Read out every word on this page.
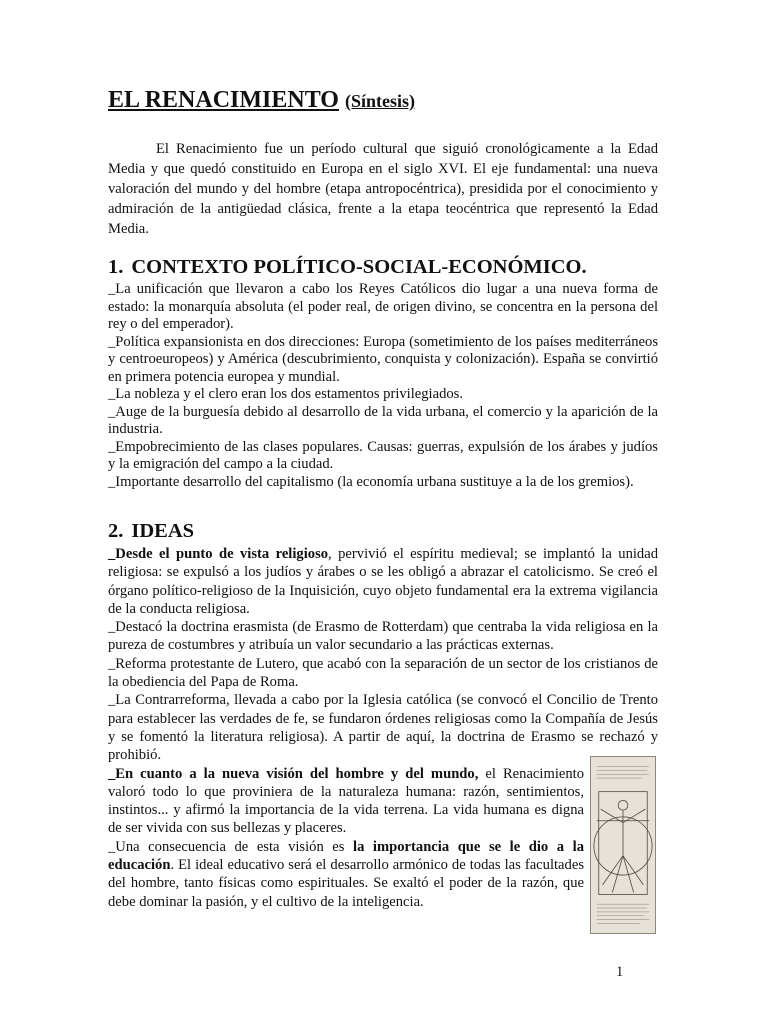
EL RENACIMIENTO (Síntesis)

El Renacimiento fue un período cultural que siguió cronológicamente a la Edad Media y que quedó constituido en Europa en el siglo XVI. El eje fundamental: una nueva valoración del mundo y del hombre (etapa antropocéntrica), presidida por el conocimiento y admiración de la antigüedad clásica, frente a la etapa teocéntrica que representó la Edad Media.

1. CONTEXTO POLÍTICO-SOCIAL-ECONÓMICO.

_La unificación que llevaron a cabo los Reyes Católicos dio lugar a una nueva forma de estado: la monarquía absoluta (el poder real, de origen divino, se concentra en la persona del rey o del emperador).

_Política expansionista en dos direcciones: Europa (sometimiento de los países mediterráneos y centroeuropeos) y América (descubrimiento, conquista y colonización). España se convirtió en primera potencia europea y mundial.

_La nobleza y el clero eran los dos estamentos privilegiados.

_Auge de la burguesía debido al desarrollo de la vida urbana, el comercio y la aparición de la industria.

_Empobrecimiento de las clases populares. Causas: guerras, expulsión de los árabes y judíos y la emigración del campo a la ciudad.

_Importante desarrollo del capitalismo (la economía urbana sustituye a la de los gremios).

2. IDEAS

_Desde el punto de vista religioso, pervivió el espíritu medieval; se implantó la unidad religiosa: se expulsó a los judíos y árabes o se les obligó a abrazar el catolicismo. Se creó el órgano político-religioso de la Inquisición, cuyo objeto fundamental era la extrema vigilancia de la conducta religiosa.

_Destacó la doctrina erasmista (de Erasmo de Rotterdam) que centraba la vida religiosa en la pureza de costumbres y atribuía un valor secundario a las prácticas externas.

_Reforma protestante de Lutero, que acabó con la separación de un sector de los cristianos de la obediencia del Papa de Roma.

_La Contrarreforma, llevada a cabo por la Iglesia católica (se convocó el Concilio de Trento para establecer las verdades de fe, se fundaron órdenes religiosas como la Compañía de Jesús y se fomentó la literatura religiosa). A partir de aquí, la doctrina de Erasmo se rechazó y prohibió.

_En cuanto a la nueva visión del hombre y del mundo, el Renacimiento valoró todo lo que proviniera de la naturaleza humana: razón, sentimientos, instintos... y afirmó la importancia de la vida terrena. La vida humana es digna de ser vivida con sus bellezas y placeres.

_Una consecuencia de esta visión es la importancia que se le dio a la educación. El ideal educativo será el desarrollo armónico de todas las facultades del hombre, tanto físicas como espirituales. Se exaltó el poder de la razón, que debe dominar la pasión, y el cultivo de la inteligencia.

1
